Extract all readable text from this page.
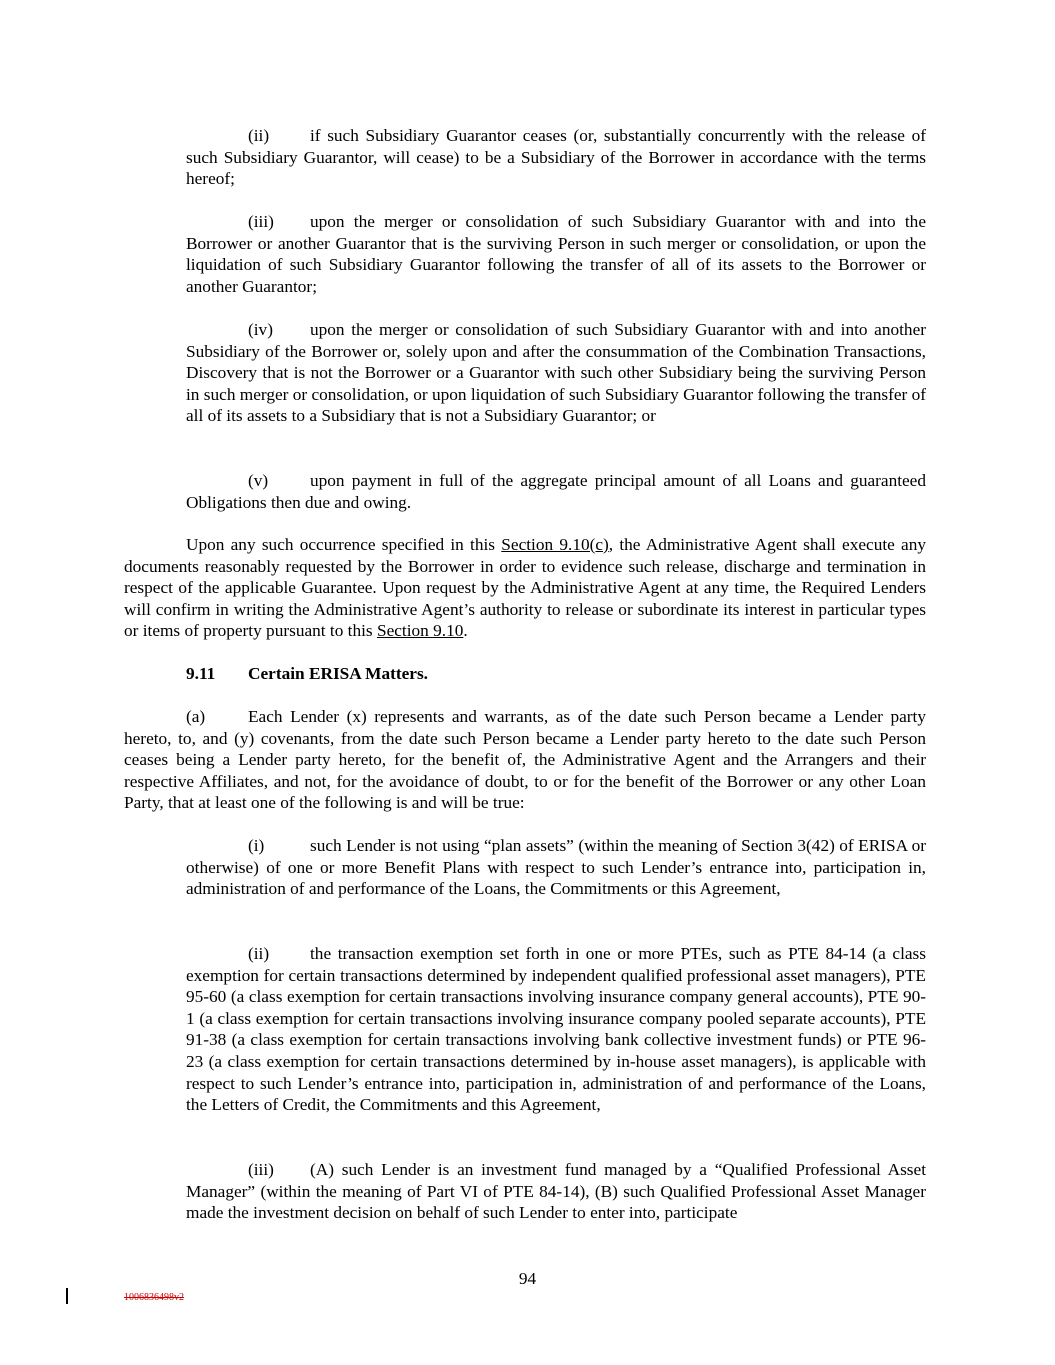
(ii) if such Subsidiary Guarantor ceases (or, substantially concurrently with the release of such Subsidiary Guarantor, will cease) to be a Subsidiary of the Borrower in accordance with the terms hereof;

(iii) upon the merger or consolidation of such Subsidiary Guarantor with and into the Borrower or another Guarantor that is the surviving Person in such merger or consolidation, or upon the liquidation of such Subsidiary Guarantor following the transfer of all of its assets to the Borrower or another Guarantor;

(iv) upon the merger or consolidation of such Subsidiary Guarantor with and into another Subsidiary of the Borrower or, solely upon and after the consummation of the Combination Transactions, Discovery that is not the Borrower or a Guarantor with such other Subsidiary being the surviving Person in such merger or consolidation, or upon liquidation of such Subsidiary Guarantor following the transfer of all of its assets to a Subsidiary that is not a Subsidiary Guarantor; or

(v) upon payment in full of the aggregate principal amount of all Loans and guaranteed Obligations then due and owing.

Upon any such occurrence specified in this Section 9.10(c), the Administrative Agent shall execute any documents reasonably requested by the Borrower in order to evidence such release, discharge and termination in respect of the applicable Guarantee. Upon request by the Administrative Agent at any time, the Required Lenders will confirm in writing the Administrative Agent’s authority to release or subordinate its interest in particular types or items of property pursuant to this Section 9.10.

9.11 Certain ERISA Matters.

(a) Each Lender (x) represents and warrants, as of the date such Person became a Lender party hereto, to, and (y) covenants, from the date such Person became a Lender party hereto to the date such Person ceases being a Lender party hereto, for the benefit of, the Administrative Agent and the Arrangers and their respective Affiliates, and not, for the avoidance of doubt, to or for the benefit of the Borrower or any other Loan Party, that at least one of the following is and will be true:

(i)	such Lender is not using “plan assets” (within the meaning of Section 3(42) of ERISA or otherwise) of one or more Benefit Plans with respect to such Lender’s entrance into, participation in, administration of and performance of the Loans, the Commitments or this Agreement,

(ii) the transaction exemption set forth in one or more PTEs, such as PTE 84-14 (a class exemption for certain transactions determined by independent qualified professional asset managers), PTE 95-60 (a class exemption for certain transactions involving insurance company general accounts), PTE 90-1 (a class exemption for certain transactions involving insurance company pooled separate accounts), PTE 91-38 (a class exemption for certain transactions involving bank collective investment funds) or PTE 96-23 (a class exemption for certain transactions determined by in-house asset managers), is applicable with respect to such Lender’s entrance into, participation in, administration of and performance of the Loans, the Letters of Credit, the Commitments and this Agreement,

(iii) (A) such Lender is an investment fund managed by a “Qualified Professional Asset Manager” (within the meaning of Part VI of PTE 84-14), (B) such Qualified Professional Asset Manager made the investment decision on behalf of such Lender to enter into, participate

94
1006836498v2
